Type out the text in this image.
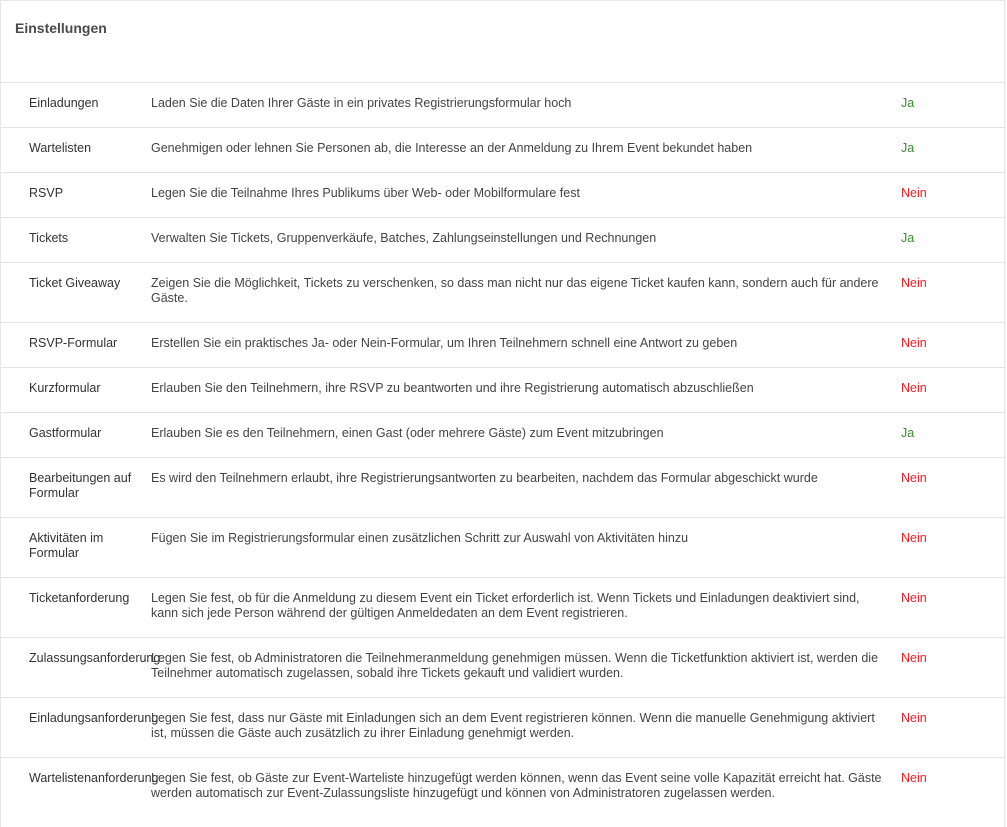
Einstellungen
Einladungen	Laden Sie die Daten Ihrer Gäste in ein privates Registrierungsformular hoch	Ja
Wartelisten	Genehmigen oder lehnen Sie Personen ab, die Interesse an der Anmeldung zu Ihrem Event bekundet haben	Ja
RSVP	Legen Sie die Teilnahme Ihres Publikums über Web- oder Mobilformulare fest	Nein
Tickets	Verwalten Sie Tickets, Gruppenverkäufe, Batches, Zahlungseinstellungen und Rechnungen	Ja
Ticket Giveaway	Zeigen Sie die Möglichkeit, Tickets zu verschenken, so dass man nicht nur das eigene Ticket kaufen kann, sondern auch für andere Gäste.	Nein
RSVP-Formular	Erstellen Sie ein praktisches Ja- oder Nein-Formular, um Ihren Teilnehmern schnell eine Antwort zu geben	Nein
Kurzformular	Erlauben Sie den Teilnehmern, ihre RSVP zu beantworten und ihre Registrierung automatisch abzuschließen	Nein
Gastformular	Erlauben Sie es den Teilnehmern, einen Gast (oder mehrere Gäste) zum Event mitzubringen	Ja
Bearbeitungen auf Formular	Es wird den Teilnehmern erlaubt, ihre Registrierungsantworten zu bearbeiten, nachdem das Formular abgeschickt wurde	Nein
Aktivitäten im Formular	Fügen Sie im Registrierungsformular einen zusätzlichen Schritt zur Auswahl von Aktivitäten hinzu	Nein
Ticketanforderung	Legen Sie fest, ob für die Anmeldung zu diesem Event ein Ticket erforderlich ist. Wenn Tickets und Einladungen deaktiviert sind, kann sich jede Person während der gültigen Anmeldedaten an dem Event registrieren.	Nein
Zulassungsanforderung	Legen Sie fest, ob Administratoren die Teilnehmeranmeldung genehmigen müssen. Wenn die Ticketfunktion aktiviert ist, werden die Teilnehmer automatisch zugelassen, sobald ihre Tickets gekauft und validiert wurden.	Nein
Einladungsanforderung	Legen Sie fest, dass nur Gäste mit Einladungen sich an dem Event registrieren können. Wenn die manuelle Genehmigung aktiviert ist, müssen die Gäste auch zusätzlich zu ihrer Einladung genehmigt werden.	Nein
Wartelistenanforderung	Legen Sie fest, ob Gäste zur Event-Warteliste hinzugefügt werden können, wenn das Event seine volle Kapazität erreicht hat. Gäste werden automatisch zur Event-Zulassungsliste hinzugefügt und können von Administratoren zugelassen werden.	Nein
